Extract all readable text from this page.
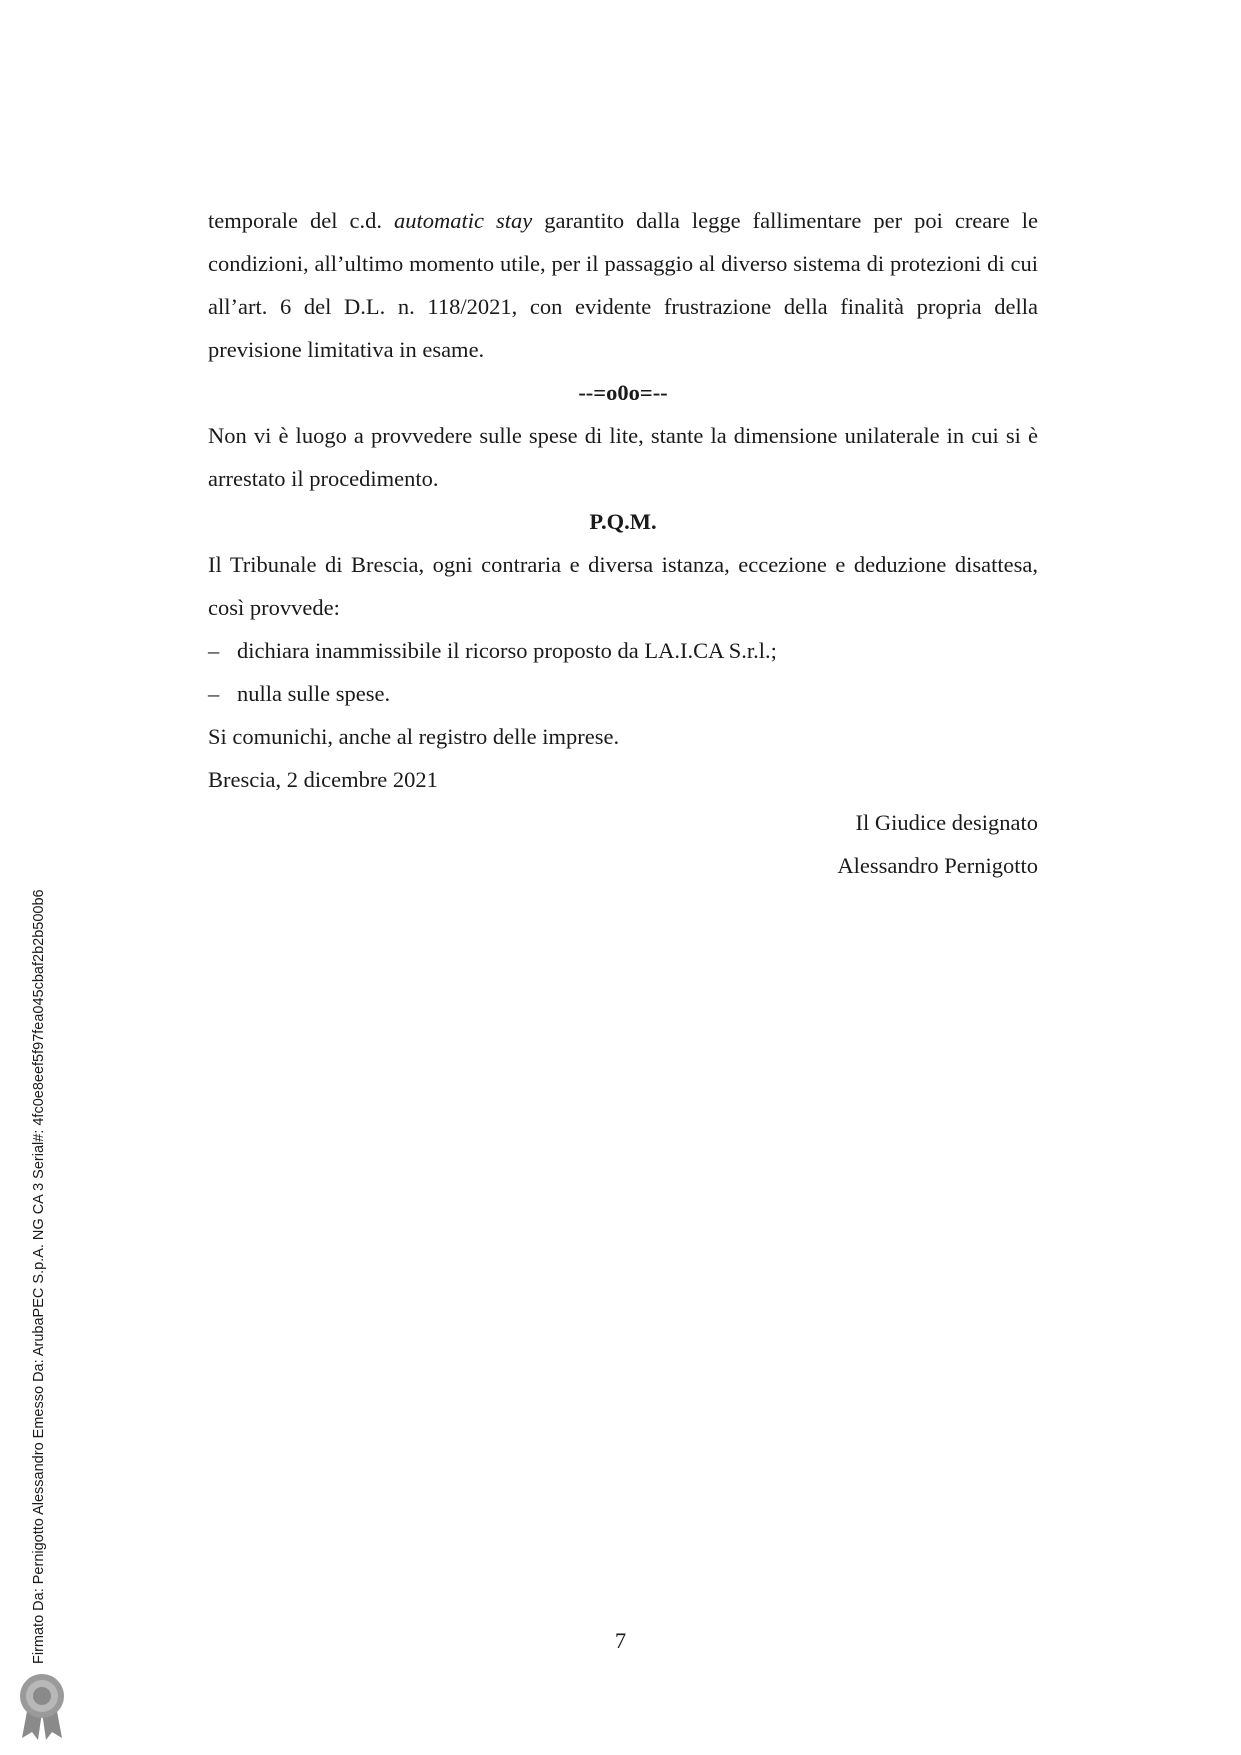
temporale del c.d. automatic stay garantito dalla legge fallimentare per poi creare le condizioni, all’ultimo momento utile, per il passaggio al diverso sistema di protezioni di cui all’art. 6 del D.L. n. 118/2021, con evidente frustrazione della finalità propria della previsione limitativa in esame.
--=o0o=--
Non vi è luogo a provvedere sulle spese di lite, stante la dimensione unilaterale in cui si è arrestato il procedimento.
P.Q.M.
Il Tribunale di Brescia, ogni contraria e diversa istanza, eccezione e deduzione disattesa, così provvede:
– dichiara inammissibile il ricorso proposto da LA.I.CA S.r.l.;
– nulla sulle spese.
Si comunichi, anche al registro delle imprese.
Brescia, 2 dicembre 2021
Il Giudice designato
Alessandro Pernigotto
7
Firmato Da: Pernigotto Alessandro Emesso Da: ArubaPEC S.p.A. NG CA 3 Serial#: 4fc0e8eef5f97fea045cbaf2b2b500b6
